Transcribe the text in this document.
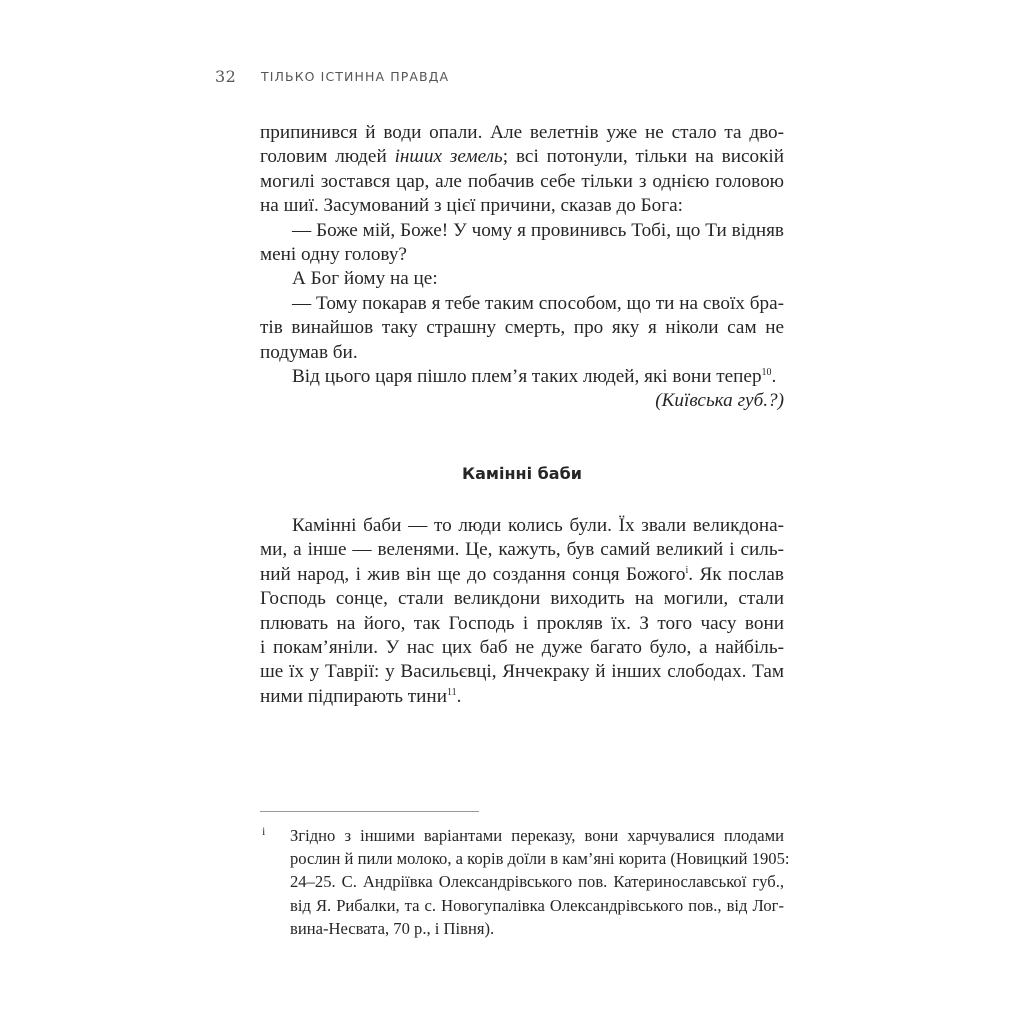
32	ТІЛЬКО ІСТИННА ПРАВДА
припинився й води опали. Але велетнів уже не стало та дво-
головим людей інших земель; всі потонули, тільки на високій
могилі зостався цар, але побачив себе тільки з однією головою
на шиї. Засумований з цієї причини, сказав до Бога:
— Боже мій, Боже! У чому я провинивсь Тобі, що Ти відняв
мені одну голову?
А Бог йому на це:
— Тому покарав я тебе таким способом, що ти на своїх бра-
тів винайшов таку страшну смерть, про яку я ніколи сам не
подумав би.
Від цього царя пішло плем’я таких людей, які вони тепер$^{10}$.
(Київська губ.?)
Камінні баби
Камінні баби — то люди колись були. Їх звали великдона-
ми, а інше — веленями. Це, кажуть, був самий великий і силь-
ний народ, і жив він ще до создання сонця Божого$^i$. Як послав
Господь сонце, стали великдони виходить на могили, стали
плювать на його, так Господь і прокляв їх. З того часу вони
і покам’яніли. У нас цих баб не дуже багато було, а найбіль-
ше їх у Таврії: у Васильєвці, Янчекраку й інших слободах. Там
ними підпирають тини$^{11}$.
i Згідно з іншими варіантами переказу, вони харчувалися плодами
рослин й пили молоко, а корів доїли в кам’яні корита (Новицкий 1905:
24–25. С. Андріївка Олександрівського пов. Катеринославської губ.,
від Я. Рибалки, та с. Новогупалівка Олександрівського пов., від Лог-
вина-Несвата, 70 р., і Півня).
